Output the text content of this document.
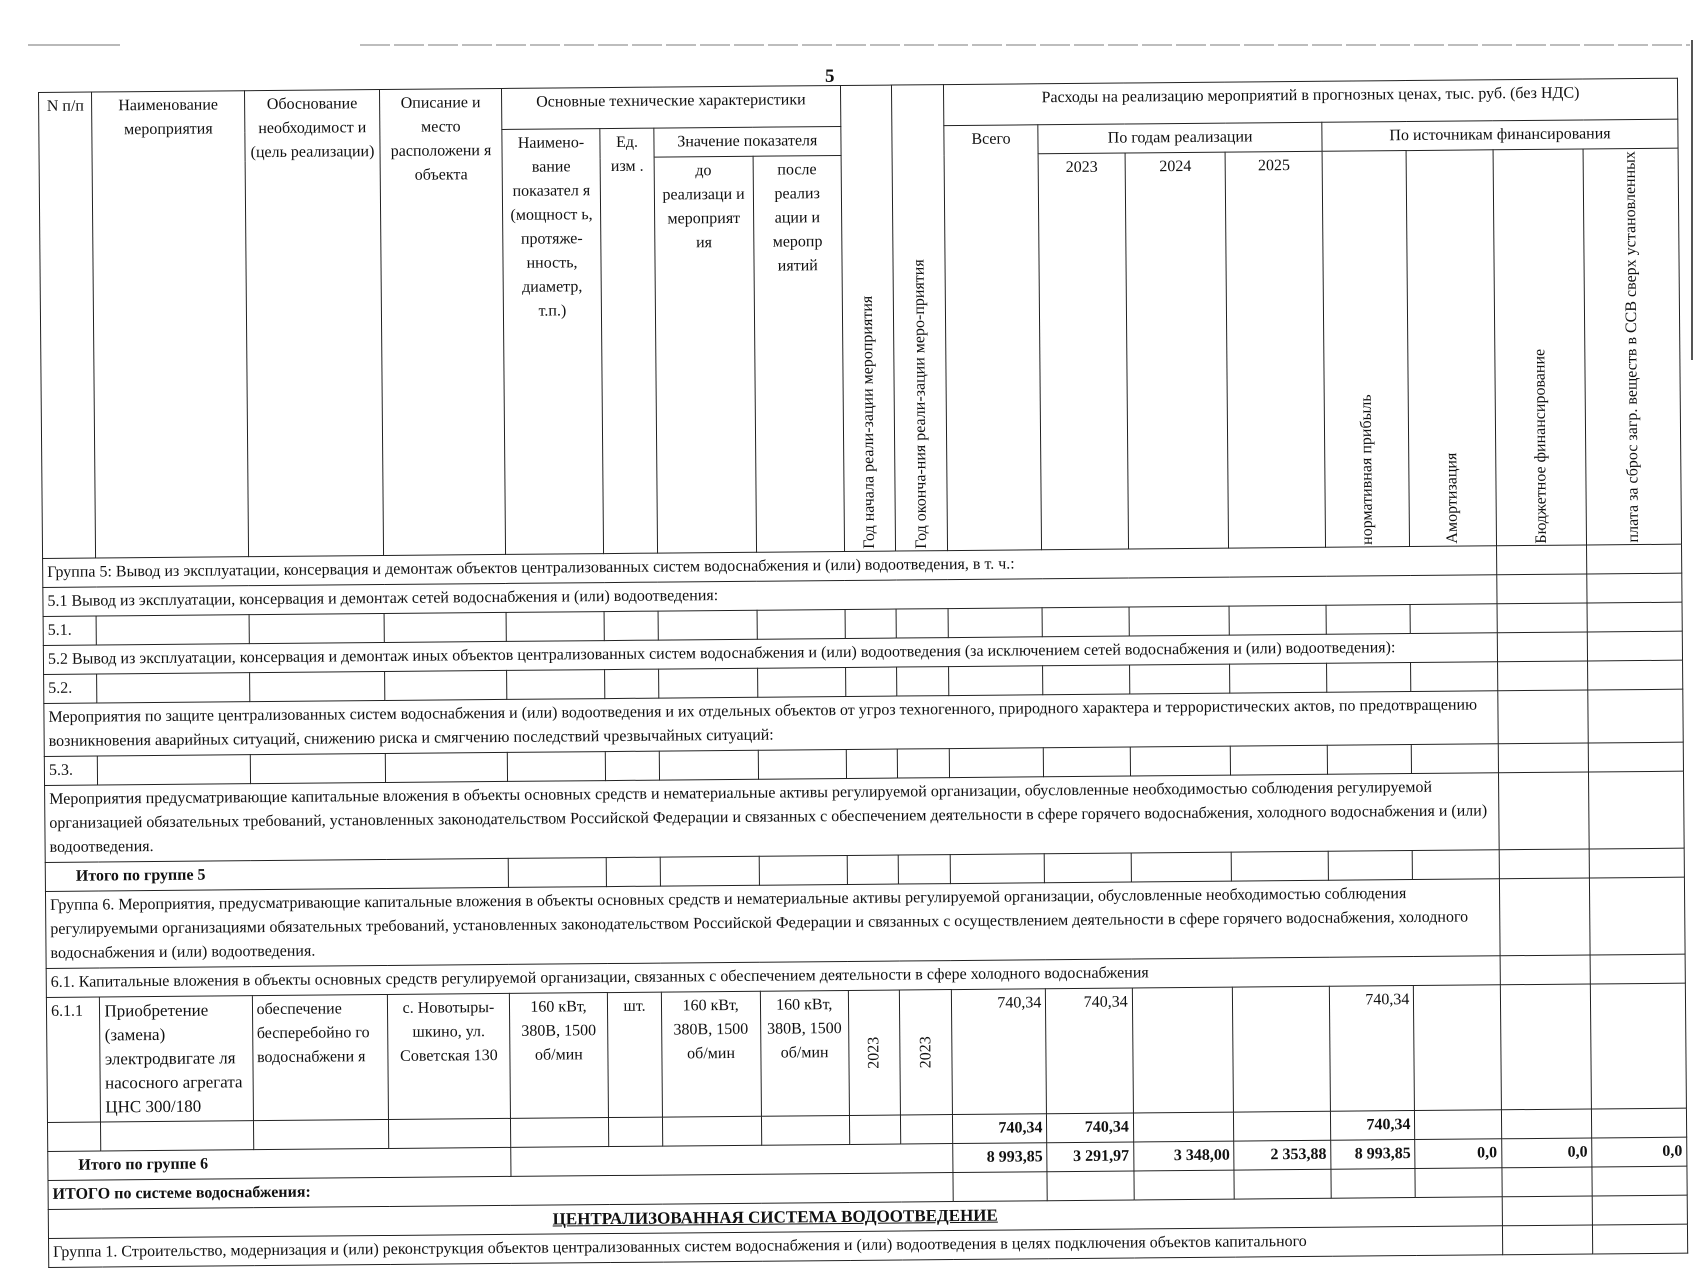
5
N п/п	Наименование мероприятия	Обоснование необходимост и (цель реализации)	Описание и место расположени я объекта	Основные технические характеристики				Год начала реали-зации мероприятия	Год оконча-ния реали-зации меро-приятия	Расходы на реализацию мероприятий в прогнозных ценах, тыс. руб. (без НДС)							
				Наимено-вание показател я (мощност ь, протяже-нность, диаметр, т.п.)	Ед. изм .	Значение показателя				Всего	По годам реализации			По источникам финансирования			
						до реализаци и мероприят ия	после реализ ации и меропр иятий				2023	2024	2025	нормативная прибыль	Амортизация	Бюджетное финансирование	плата за сброс загр. веществ в ССВ сверх установленных

Группа 5: Вывод из эксплуатации, консервация и демонтаж объектов централизованных систем водоснабжения и (или) водоотведения, в т. ч.:																	
5.1 Вывод из эксплуатации, консервация и демонтаж сетей водоснабжения и (или) водоотведения:																	
5.1.																	
5.2 Вывод из эксплуатации, консервация и демонтаж иных объектов централизованных систем водоснабжения и (или) водоотведения (за исключением сетей водоснабжения и (или) водоотведения):																	
5.2.																	
Мероприятия по защите централизованных систем водоснабжения и (или) водоотведения и их отдельных объектов от угроз техногенного, природного характера и террористических актов, по предотвращению возникновения аварийных ситуаций, снижению риска и смягчению последствий чрезвычайных ситуаций:																	
5.3.																	
Мероприятия предусматривающие капитальные вложения в объекты основных средств и нематериальные активы регулируемой организации, обусловленные необходимостью соблюдения регулируемой организацией обязательных требований, установленных законодательством Российской Федерации и связанных с обеспечением деятельности в сфере горячего водоснабжения, холодного водоснабжения и (или) водоотведения.																	
Итого по группе 5																	
Группа 6. Мероприятия, предусматривающие капитальные вложения в объекты основных средств и нематериальные активы регулируемой организации, обусловленные необходимостью соблюдения регулируемыми организациями обязательных требований, установленных законодательством Российской Федерации и связанных с осуществлением деятельности в сфере горячего водоснабжения, холодного водоснабжения и (или) водоотведения.																	
6.1. Капитальные вложения в объекты основных средств регулируемой организации, связанных с обеспечением деятельности в сфере холодного водоснабжения																	
6.1.1	Приобретение (замена) электродвигате ля насосного агрегата ЦНС 300/180	обеспечение бесперебойно го водоснабжени я	с. Новотыры-шкино, ул. Советская 130	160 кВт, 380В, 1500 об/мин	шт.	160 кВт, 380В, 1500 об/мин	160 кВт, 380В, 1500 об/мин	2023	2023	740,34	740,34			740,34			
										740,34	740,34			740,34			
Итого по группе 6										8 993,85	3 291,97	3 348,00	2 353,88	8 993,85	0,0	0,0	0,0
ИТОГО по системе водоснабжения:																	
ЦЕНТРАЛИЗОВАННАЯ СИСТЕМА ВОДООТВЕДЕНИЕ																	
Группа 1. Строительство, модернизация и (или) реконструкция объектов централизованных систем водоснабжения и (или) водоотведения в целях подключения объектов капитального																	
